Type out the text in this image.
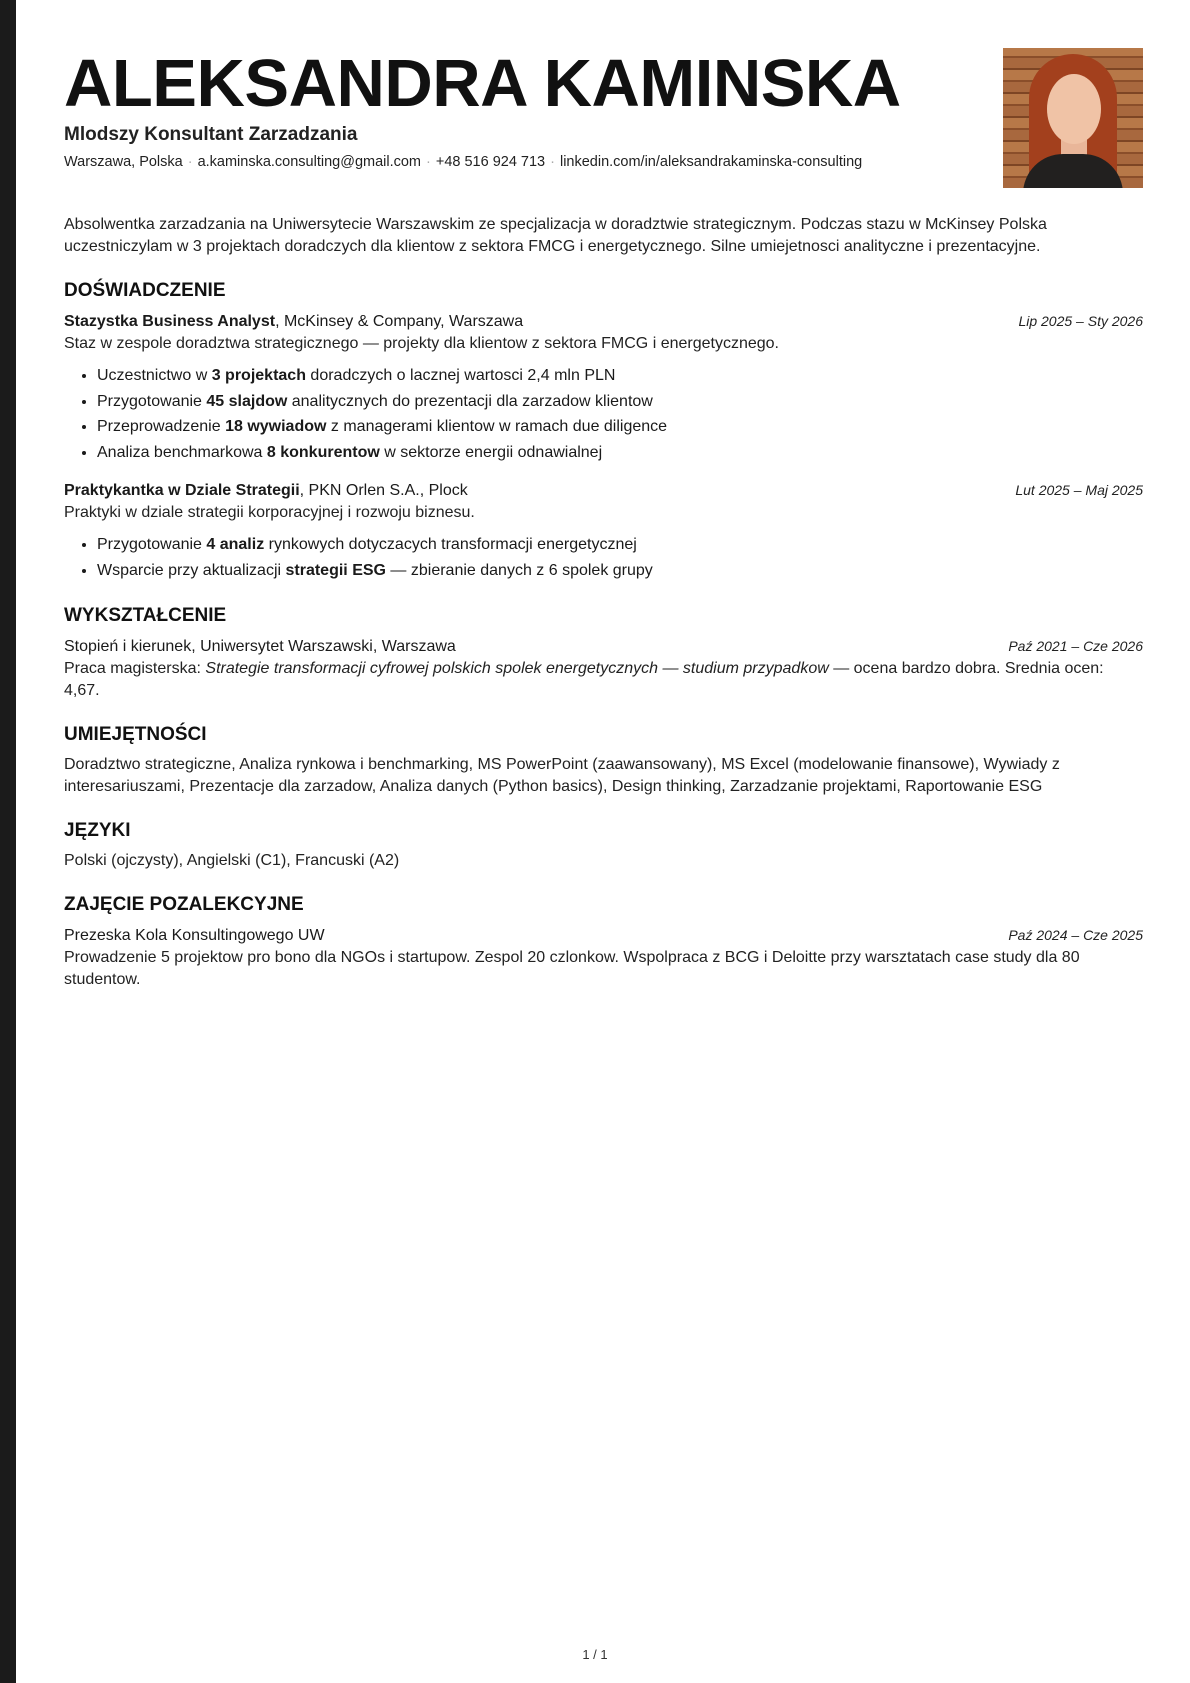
ALEKSANDRA KAMINSKA
Mlodszy Konsultant Zarzadzania
Warszawa, Polska · a.kaminska.consulting@gmail.com · +48 516 924 713 · linkedin.com/in/aleksandrakaminska-consulting

Absolwentka zarzadzania na Uniwersytecie Warszawskim ze specjalizacja w doradztwie strategicznym. Podczas stazu w McKinsey Polska uczestniczylam w 3 projektach doradczych dla klientow z sektora FMCG i energetycznego. Silne umiejetnosci analityczne i prezentacyjne.

DOŚWIADCZENIE
Stazystka Business Analyst, McKinsey & Company, Warszawa	Lip 2025 – Sty 2026
Staz w zespole doradztwa strategicznego — projekty dla klientow z sektora FMCG i energetycznego.
• Uczestnictwo w 3 projektach doradczych o lacznej wartosci 2,4 mln PLN
• Przygotowanie 45 slajdow analitycznych do prezentacji dla zarzadow klientow
• Przeprowadzenie 18 wywiadow z managerami klientow w ramach due diligence
• Analiza benchmarkowa 8 konkurentow w sektorze energii odnawialnej
Praktykantka w Dziale Strategii, PKN Orlen S.A., Plock	Lut 2025 – Maj 2025
Praktyki w dziale strategii korporacyjnej i rozwoju biznesu.
• Przygotowanie 4 analiz rynkowych dotyczacych transformacji energetycznej
• Wsparcie przy aktualizacji strategii ESG — zbieranie danych z 6 spolek grupy
WYKSZTAŁCENIE
Stopień i kierunek, Uniwersytet Warszawski, Warszawa	Paź 2021 – Cze 2026
Praca magisterska: Strategie transformacji cyfrowej polskich spolek energetycznych — studium przypadkow — ocena bardzo dobra. Srednia ocen: 4,67.
UMIEJĘTNOŚCI
Doradztwo strategiczne, Analiza rynkowa i benchmarking, MS PowerPoint (zaawansowany), MS Excel (modelowanie finansowe), Wywiady z interesariuszami, Prezentacje dla zarzadow, Analiza danych (Python basics), Design thinking, Zarzadzanie projektami, Raportowanie ESG
JĘZYKI
Polski (ojczysty), Angielski (C1), Francuski (A2)
ZAJĘCIE POZALEKCYJNE
Prezeska Kola Konsultingowego UW	Paź 2024 – Cze 2025
Prowadzenie 5 projektow pro bono dla NGOs i startupow. Zespol 20 czlonkow. Wspolpraca z BCG i Deloitte przy warsztatach case study dla 80 studentow.
1 / 1
